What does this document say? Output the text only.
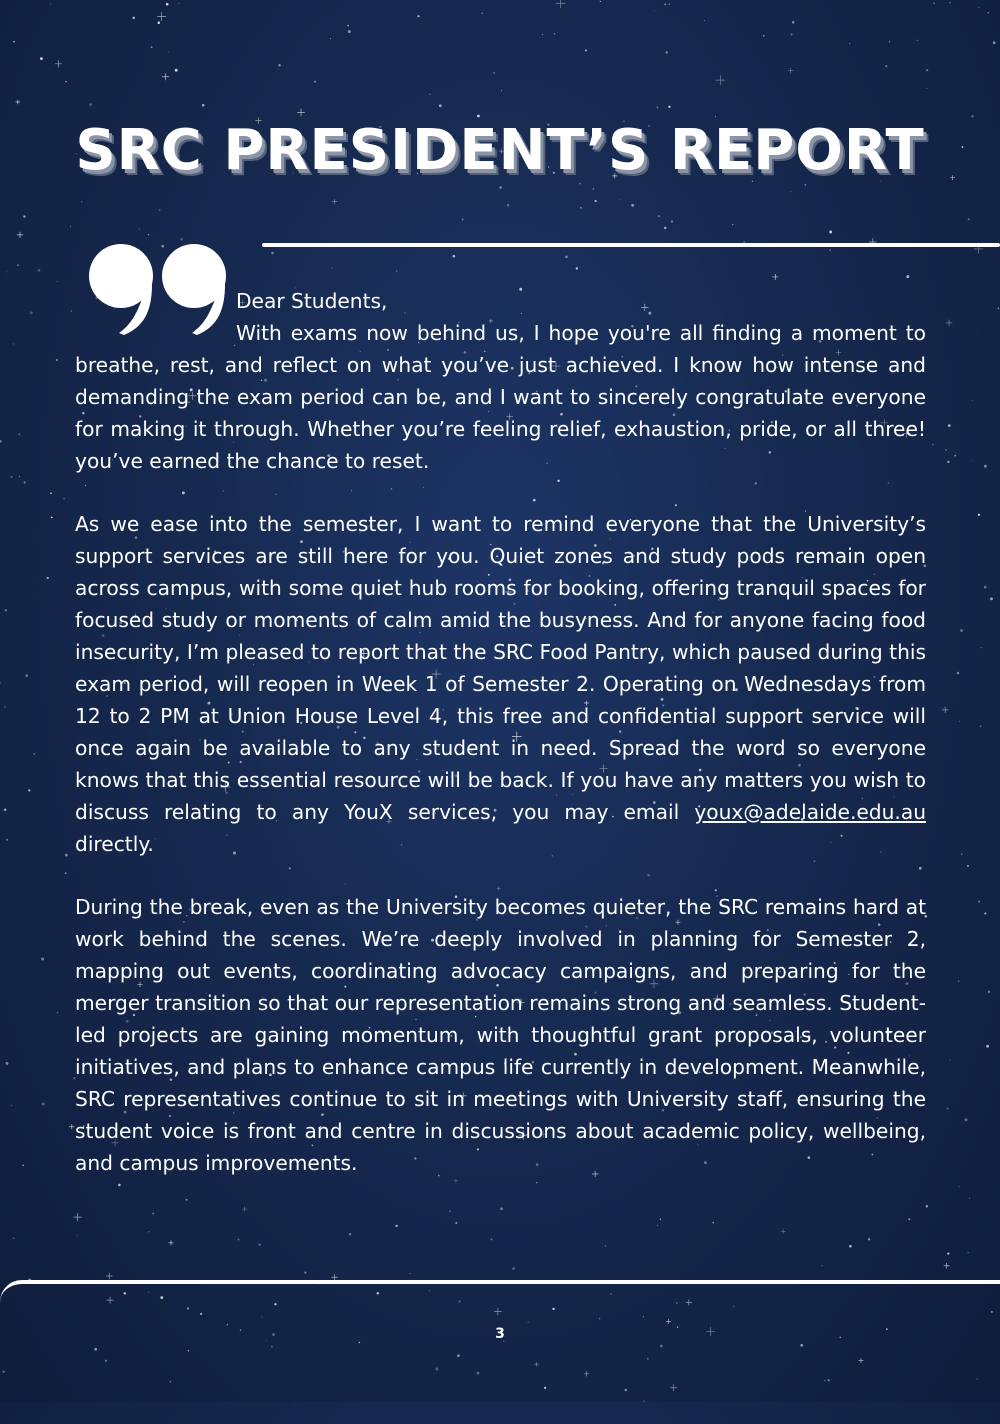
SRC PRESIDENT’S REPORT

Dear Students,
With exams now behind us, I hope you're all finding a moment to breathe, rest, and reflect on what you’ve just achieved. I know how intense and demanding the exam period can be, and I want to sincerely congratulate everyone for making it through. Whether you’re feeling relief, exhaustion, pride, or all three! you’ve earned the chance to reset.

As we ease into the semester, I want to remind everyone that the University’s support services are still here for you. Quiet zones and study pods remain open across campus, with some quiet hub rooms for booking, offering tranquil spaces for focused study or moments of calm amid the busyness. And for anyone facing food insecurity, I’m pleased to report that the SRC Food Pantry, which paused during this exam period, will reopen in Week 1 of Semester 2. Operating on Wednesdays from 12 to 2 PM at Union House Level 4, this free and confidential support service will once again be available to any student in need. Spread the word so everyone knows that this essential resource will be back. If you have any matters you wish to discuss relating to any YouX services, you may email youx@adelaide.edu.au directly.

During the break, even as the University becomes quieter, the SRC remains hard at work behind the scenes. We’re deeply involved in planning for Semester 2, mapping out events, coordinating advocacy campaigns, and preparing for the merger transition so that our representation remains strong and seamless. Student-led projects are gaining momentum, with thoughtful grant proposals, volunteer initiatives, and plans to enhance campus life currently in development. Meanwhile, SRC representatives continue to sit in meetings with University staff, ensuring the student voice is front and centre in discussions about academic policy, wellbeing, and campus improvements.

3
